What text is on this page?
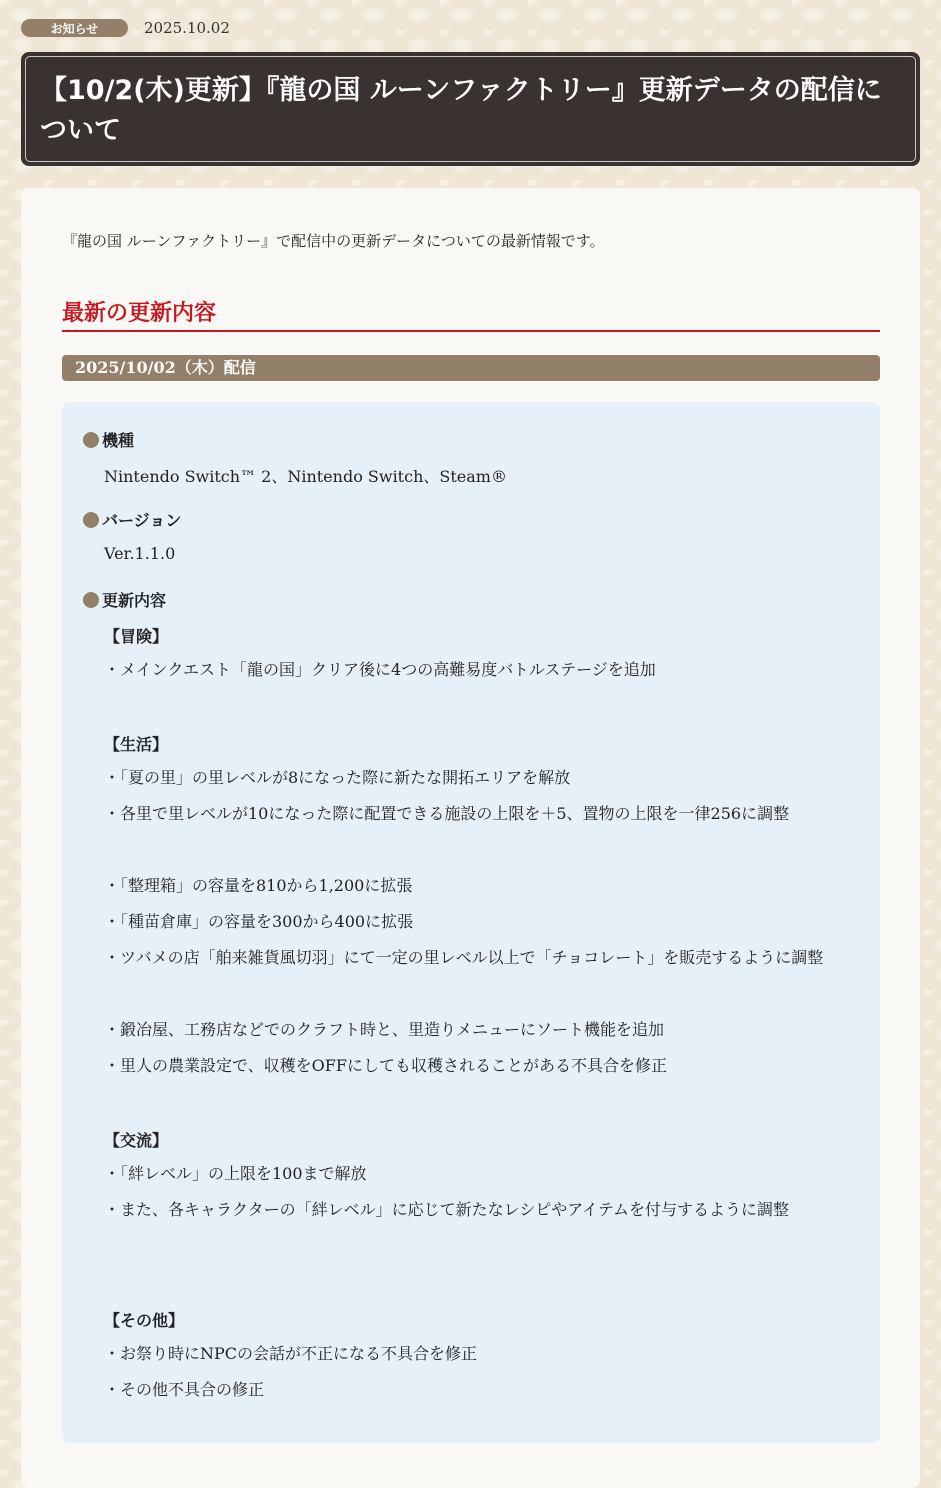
お知らせ	2025.10.02
【10/2(木)更新】『龍の国 ルーンファクトリー』更新データの配信について
『龍の国 ルーンファクトリー』で配信中の更新データについての最新情報です。
最新の更新内容
2025/10/02（木）配信
機種
Nintendo Switch™ 2、Nintendo Switch、Steam®
バージョン
Ver.1.1.0
更新内容
【冒険】
・メインクエスト「龍の国」クリア後に4つの高難易度バトルステージを追加
【生活】
・「夏の里」の里レベルが8になった際に新たな開拓エリアを解放
・各里で里レベルが10になった際に配置できる施設の上限を＋5、置物の上限を一律256に調整
・「整理箱」の容量を810から1,200に拡張
・「種苗倉庫」の容量を300から400に拡張
・ツバメの店「舶来雑貨風切羽」にて一定の里レベル以上で「チョコレート」を販売するように調整
・鍛冶屋、工務店などでのクラフト時と、里造りメニューにソート機能を追加
・里人の農業設定で、収穫をOFFにしても収穫されることがある不具合を修正
【交流】
・「絆レベル」の上限を100まで解放
・また、各キャラクターの「絆レベル」に応じて新たなレシピやアイテムを付与するように調整
【その他】
・お祭り時にNPCの会話が不正になる不具合を修正
・その他不具合の修正
